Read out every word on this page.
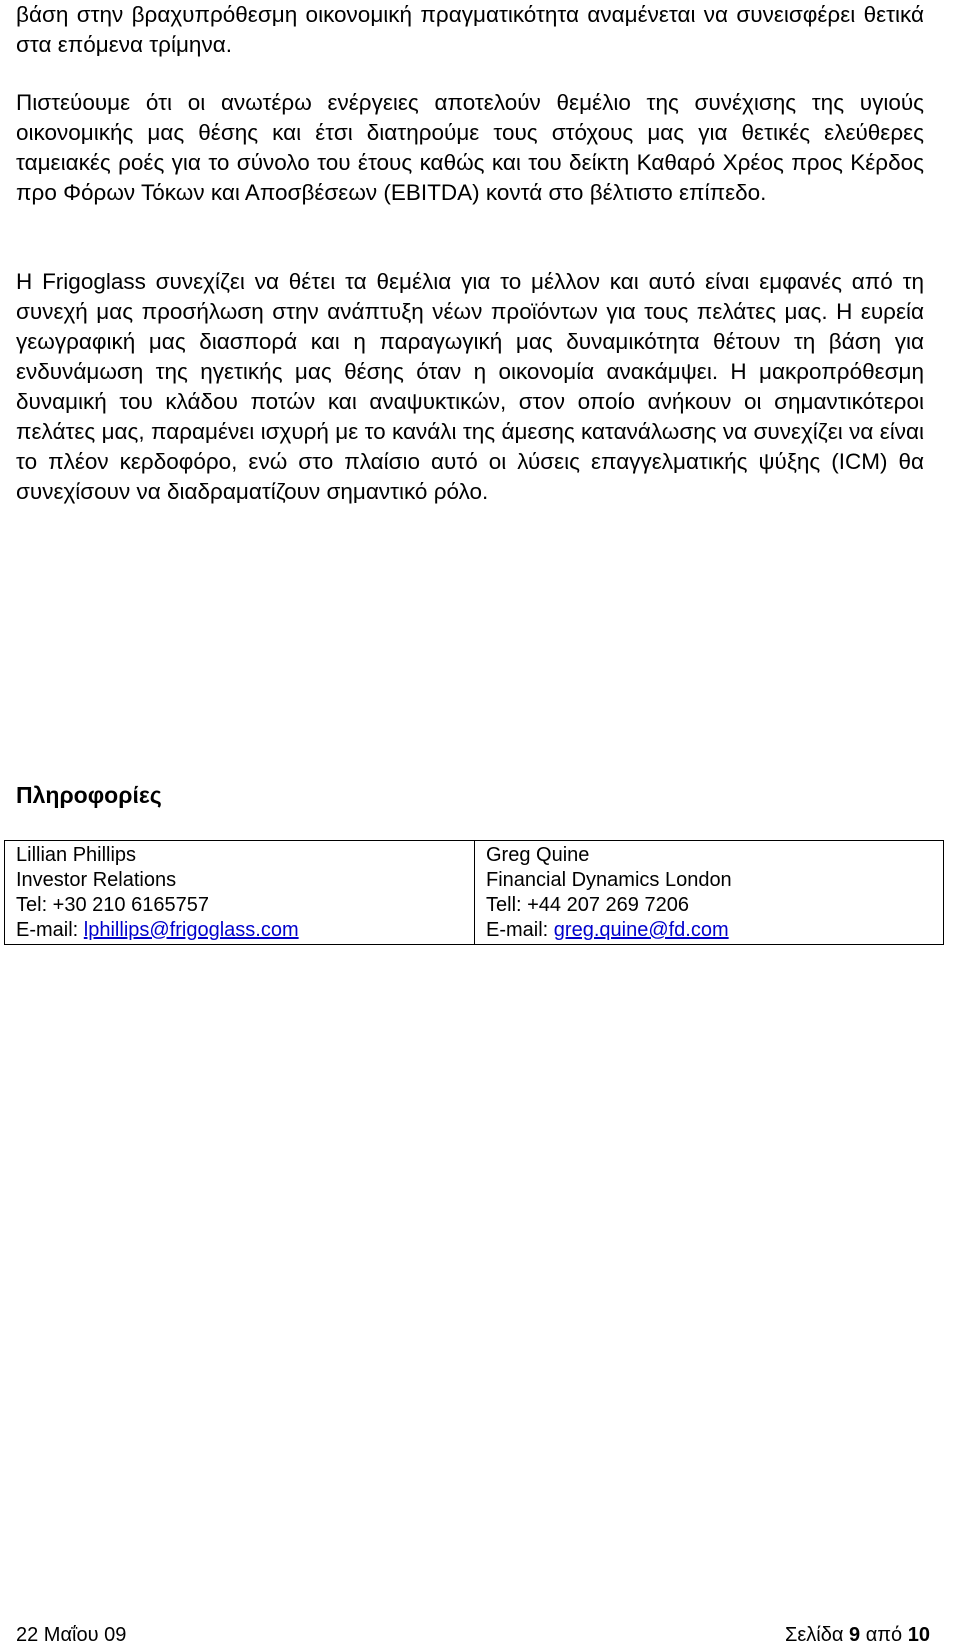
βάση στην βραχυπρόθεσμη οικονομική πραγματικότητα αναμένεται να συνεισφέρει θετικά στα επόμενα τρίμηνα.

Πιστεύουμε ότι οι ανωτέρω ενέργειες αποτελούν θεμέλιο της συνέχισης της υγιούς οικονομικής μας θέσης και έτσι διατηρούμε τους στόχους μας για θετικές ελεύθερες ταμειακές ροές για το σύνολο του έτους καθώς και του δείκτη Καθαρό Χρέος προς Κέρδος προ Φόρων Τόκων και Αποσβέσεων (EBITDA) κοντά στο βέλτιστο επίπεδο.

Η Frigoglass συνεχίζει να θέτει τα θεμέλια για το μέλλον και αυτό είναι εμφανές από τη συνεχή μας προσήλωση στην ανάπτυξη νέων προϊόντων για τους πελάτες μας. Η ευρεία γεωγραφική μας διασπορά και η παραγωγική μας δυναμικότητα θέτουν τη βάση για ενδυνάμωση της ηγετικής μας θέσης όταν η οικονομία ανακάμψει. Η μακροπρόθεσμη δυναμική του κλάδου ποτών και αναψυκτικών, στον οποίο ανήκουν οι σημαντικότεροι πελάτες μας, παραμένει ισχυρή με το κανάλι της άμεσης κατανάλωσης να συνεχίζει να είναι το πλέον κερδοφόρο, ενώ στο πλαίσιο αυτό οι λύσεις επαγγελματικής ψύξης (ICM) θα συνεχίσουν να διαδραματίζουν σημαντικό ρόλο.

Πληροφορίες
Lillian Phillips
Investor Relations
Tel: +30 210 6165757
E-mail: lphillips@frigoglass.com

Greg Quine
Financial Dynamics London
Tell: +44 207 269 7206
E-mail: greg.quine@fd.com
22 Μαΐου 09	Σελίδα 9 από 10
